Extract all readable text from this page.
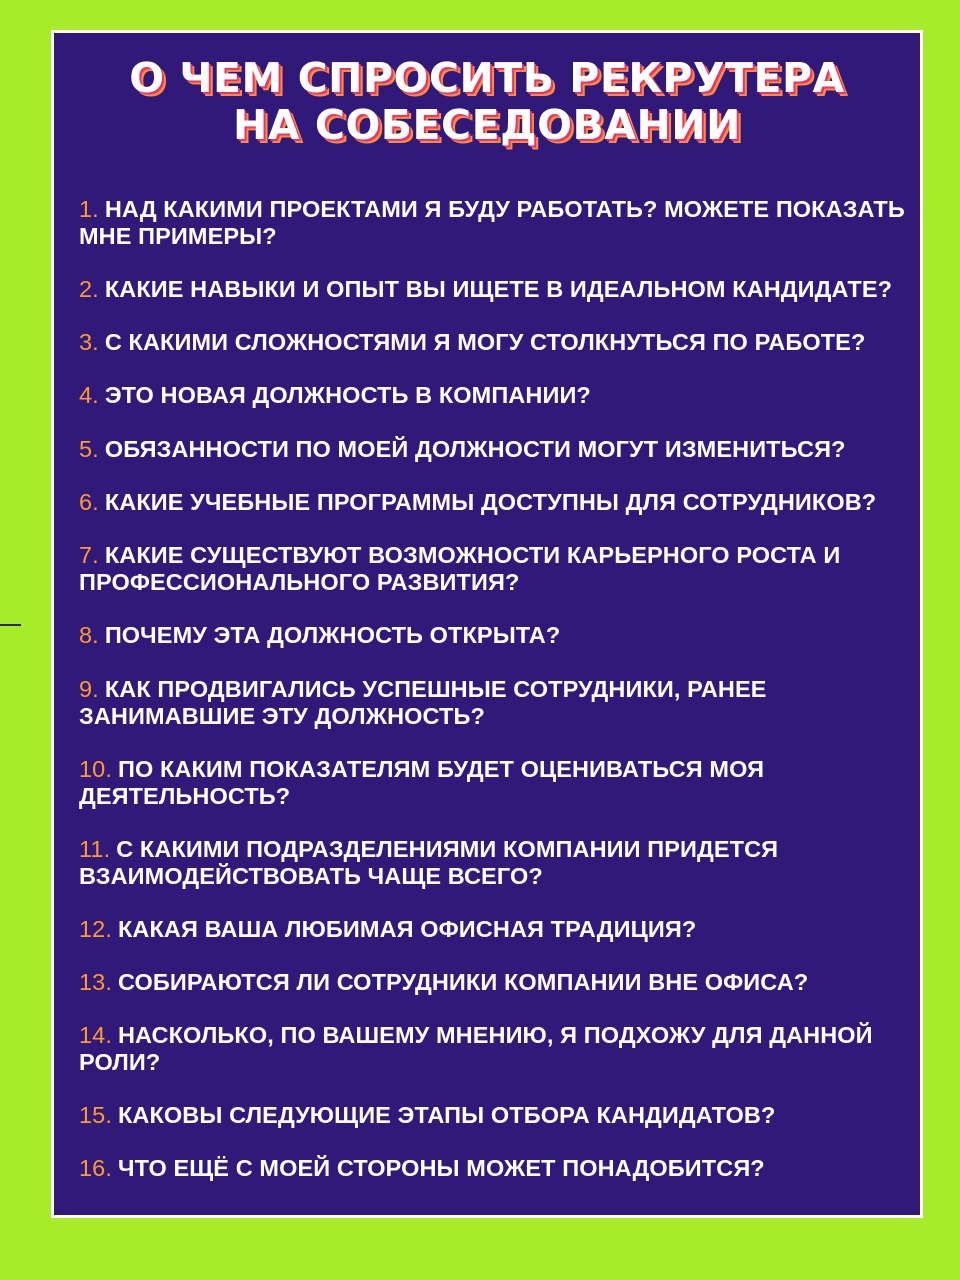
О ЧЕМ СПРОСИТЬ РЕКРУТЕРА
НА СОБЕСЕДОВАНИИ
1. НАД КАКИМИ ПРОЕКТАМИ Я БУДУ РАБОТАТЬ? МОЖЕТЕ ПОКАЗАТЬ МНЕ ПРИМЕРЫ?
2. КАКИЕ НАВЫКИ И ОПЫТ ВЫ ИЩЕТЕ В ИДЕАЛЬНОМ КАНДИДАТЕ?
3. С КАКИМИ СЛОЖНОСТЯМИ Я МОГУ СТОЛКНУТЬСЯ ПО РАБОТЕ?
4. ЭТО НОВАЯ ДОЛЖНОСТЬ В КОМПАНИИ?
5. ОБЯЗАННОСТИ ПО МОЕЙ ДОЛЖНОСТИ МОГУТ ИЗМЕНИТЬСЯ?
6. КАКИЕ УЧЕБНЫЕ ПРОГРАММЫ ДОСТУПНЫ ДЛЯ СОТРУДНИКОВ?
7. КАКИЕ СУЩЕСТВУЮТ ВОЗМОЖНОСТИ КАРЬЕРНОГО РОСТА И ПРОФЕССИОНАЛЬНОГО РАЗВИТИЯ?
8. ПОЧЕМУ ЭТА ДОЛЖНОСТЬ ОТКРЫТА?
9. КАК ПРОДВИГАЛИСЬ УСПЕШНЫЕ СОТРУДНИКИ, РАНЕЕ ЗАНИМАВШИЕ ЭТУ ДОЛЖНОСТЬ?
10. ПО КАКИМ ПОКАЗАТЕЛЯМ БУДЕТ ОЦЕНИВАТЬСЯ МОЯ ДЕЯТЕЛЬНОСТЬ?
11. С КАКИМИ ПОДРАЗДЕЛЕНИЯМИ КОМПАНИИ ПРИДЕТСЯ ВЗАИМОДЕЙСТВОВАТЬ ЧАЩЕ ВСЕГО?
12. КАКАЯ ВАША ЛЮБИМАЯ ОФИСНАЯ ТРАДИЦИЯ?
13. СОБИРАЮТСЯ ЛИ СОТРУДНИКИ КОМПАНИИ ВНЕ ОФИСА?
14. НАСКОЛЬКО, ПО ВАШЕМУ МНЕНИЮ, Я ПОДХОЖУ ДЛЯ ДАННОЙ РОЛИ?
15. КАКОВЫ СЛЕДУЮЩИЕ ЭТАПЫ ОТБОРА КАНДИДАТОВ?
16. ЧТО ЕЩЁ С МОЕЙ СТОРОНЫ МОЖЕТ ПОНАДОБИТСЯ?
